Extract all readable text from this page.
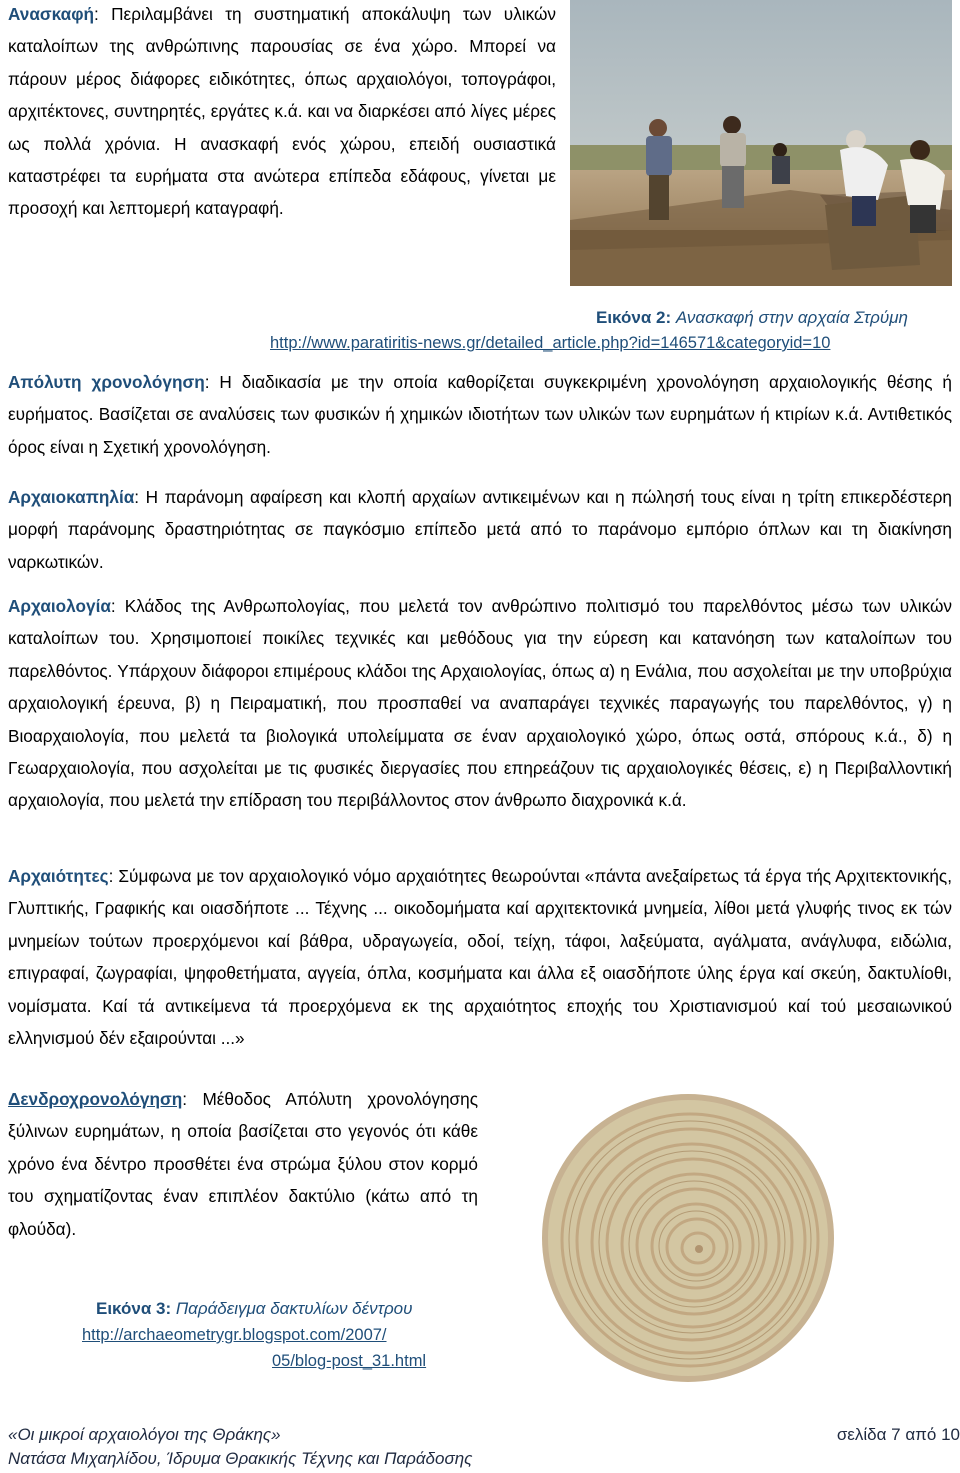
Ανασκαφή: Περιλαμβάνει τη συστηματική αποκάλυψη των υλικών καταλοίπων της ανθρώπινης παρουσίας σε ένα χώρο. Μπορεί να πάρουν μέρος διάφορες ειδικότητες, όπως αρχαιολόγοι, τοπογράφοι, αρχιτέκτονες, συντηρητές, εργάτες κ.ά. και να διαρκέσει από λίγες μέρες ως πολλά χρόνια. Η ανασκαφή ενός χώρου, επειδή ουσιαστικά καταστρέφει τα ευρήματα στα ανώτερα επίπεδα εδάφους, γίνεται με προσοχή και λεπτομερή καταγραφή.
Εικόνα 2: Ανασκαφή στην αρχαία Στρύμη
http://www.paratiritis-news.gr/detailed_article.php?id=146571&categoryid=10
Απόλυτη χρονολόγηση: Η διαδικασία με την οποία καθορίζεται συγκεκριμένη χρονολόγηση αρχαιολογικής θέσης ή ευρήματος. Βασίζεται σε αναλύσεις των φυσικών ή χημικών ιδιοτήτων των υλικών των ευρημάτων ή κτιρίων κ.ά. Αντιθετικός όρος είναι η Σχετική χρονολόγηση.
Αρχαιοκαπηλία: Η παράνομη αφαίρεση και κλοπή αρχαίων αντικειμένων και η πώλησή τους είναι η τρίτη επικερδέστερη μορφή παράνομης δραστηριότητας σε παγκόσμιο επίπεδο μετά από το παράνομο εμπόριο όπλων και τη διακίνηση ναρκωτικών.
Αρχαιολογία: Κλάδος της Ανθρωπολογίας, που μελετά τον ανθρώπινο πολιτισμό του παρελθόντος μέσω των υλικών καταλοίπων του. Χρησιμοποιεί ποικίλες τεχνικές και μεθόδους για την εύρεση και κατανόηση των καταλοίπων του παρελθόντος. Υπάρχουν διάφοροι επιμέρους κλάδοι της Αρχαιολογίας, όπως α) η Ενάλια, που ασχολείται με την υποβρύχια αρχαιολογική έρευνα, β) η Πειραματική, που προσπαθεί να αναπαράγει τεχνικές παραγωγής του παρελθόντος, γ) η Βιοαρχαιολογία, που μελετά τα βιολογικά υπολείμματα σε έναν αρχαιολογικό χώρο, όπως οστά, σπόρους κ.ά., δ) η Γεωαρχαιολογία, που ασχολείται με τις φυσικές διεργασίες που επηρεάζουν τις αρχαιολογικές θέσεις, ε) η Περιβαλλοντική αρχαιολογία, που μελετά την επίδραση του περιβάλλοντος στον άνθρωπο διαχρονικά κ.ά.
Αρχαιότητες: Σύμφωνα με τον αρχαιολογικό νόμο αρχαιότητες θεωρούνται «πάντα ανεξαίρετως τά έργα τής Αρχιτεκτονικής, Γλυπτικής, Γραφικής και οιασδήποτε ... Τέχνης ... οικοδομήματα καί αρχιτεκτονικά μνημεία, λίθοι μετά γλυφής τινος εκ τών μνημείων τούτων προερχόμενοι καί βάθρα, υδραγωγεία, οδοί, τείχη, τάφοι, λαξεύματα, αγάλματα, ανάγλυφα, ειδώλια, επιγραφαί, ζωγραφίαι, ψηφοθετήματα, αγγεία, όπλα, κοσμήματα και άλλα εξ οιασδήποτε ύλης έργα καί σκεύη, δακτυλίοθι, νομίσματα. Καί τά αντικείμενα τά προερχόμενα εκ της αρχαιότητος εποχής του Χριστιανισμού καί τού μεσαιωνικού ελληνισμού δέν εξαιρούνται ...»
Δενδροχρονολόγηση: Μέθοδος Απόλυτη χρονολόγησης ξύλινων ευρημάτων, η οποία βασίζεται στο γεγονός ότι κάθε χρόνο ένα δέντρο προσθέτει ένα στρώμα ξύλου στον κορμό του σχηματίζοντας έναν επιπλέον δακτύλιο (κάτω από τη φλούδα).
Εικόνα 3: Παράδειγμα δακτυλίων δέντρου
http://archaeometrygr.blogspot.com/2007/
05/blog-post_31.html
«Οι μικροί αρχαιολόγοι της Θράκης»	σελίδα 7 από 10
Νατάσα Μιχαηλίδου, Ίδρυμα Θρακικής Τέχνης και Παράδοσης
